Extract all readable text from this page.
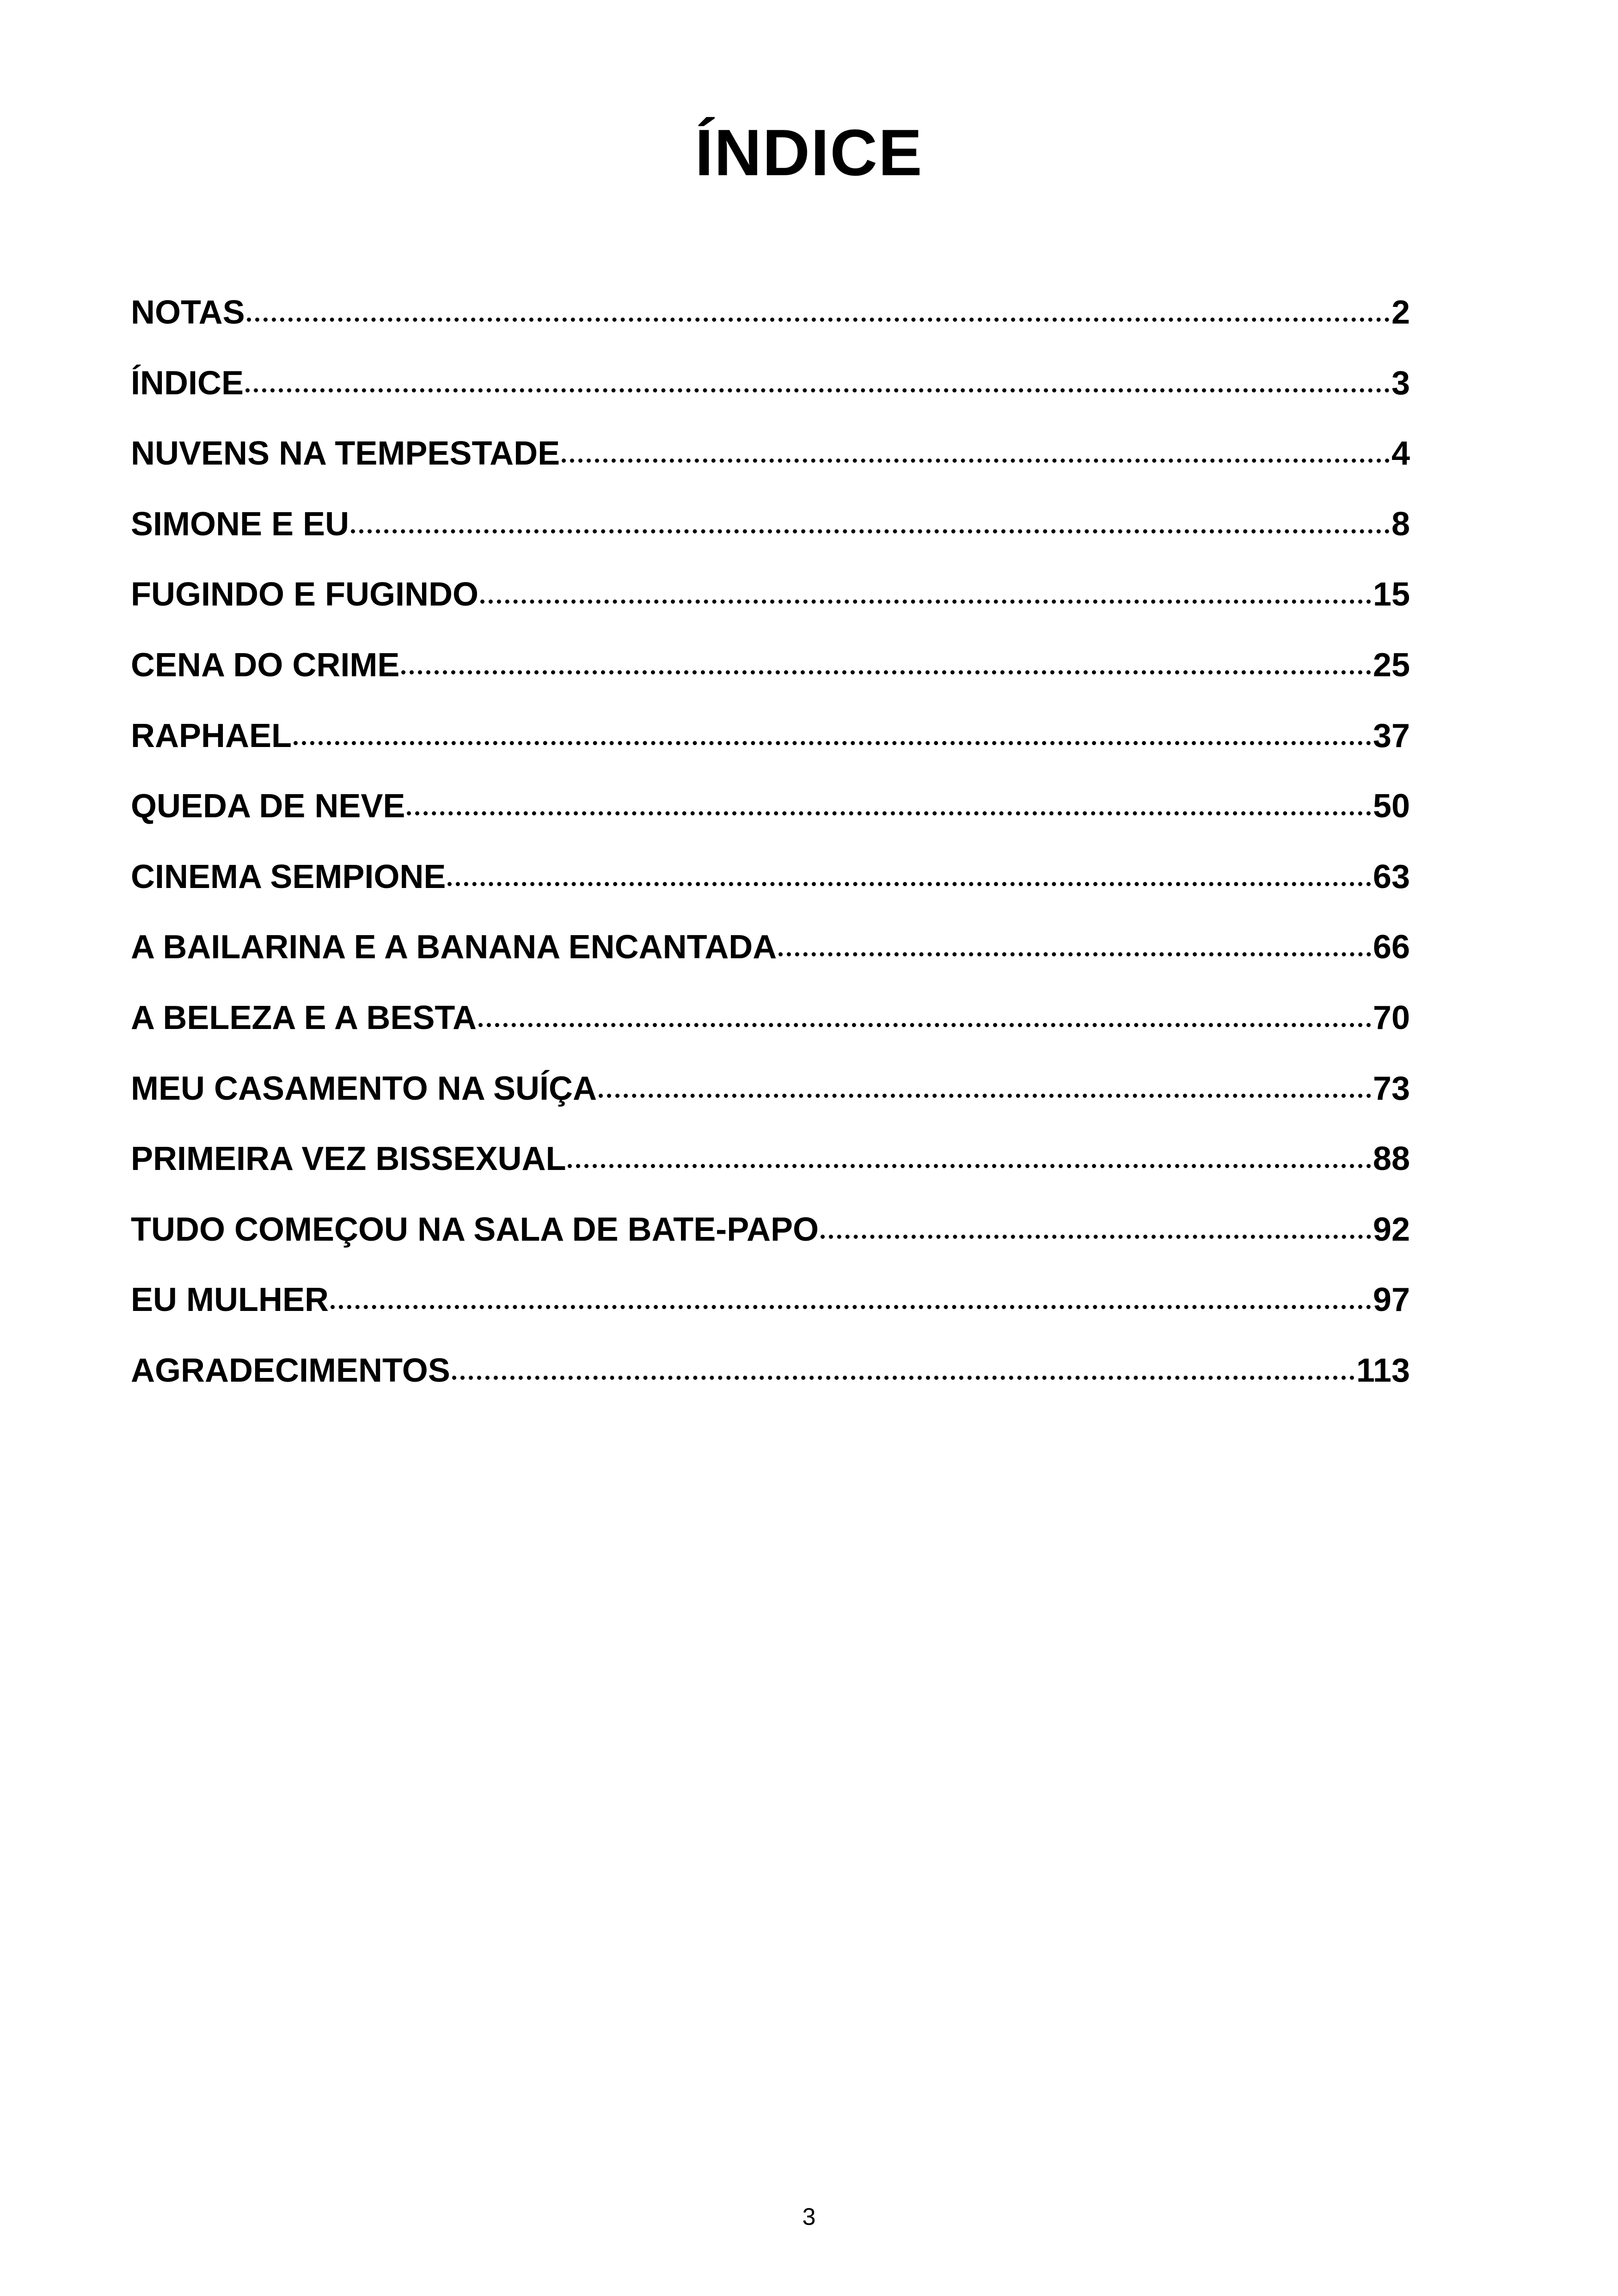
ÍNDICE
NOTAS	2
ÍNDICE	3
NUVENS NA TEMPESTADE	4
SIMONE E EU	8
FUGINDO E FUGINDO	15
CENA DO CRIME	25
RAPHAEL	37
QUEDA DE NEVE	50
CINEMA SEMPIONE	63
A BAILARINA E A BANANA ENCANTADA	66
A BELEZA E A BESTA	70
MEU CASAMENTO NA SUÍÇA	73
PRIMEIRA VEZ BISSEXUAL	88
TUDO COMEÇOU NA SALA DE BATE-PAPO	92
EU MULHER	97
AGRADECIMENTOS	113
3
